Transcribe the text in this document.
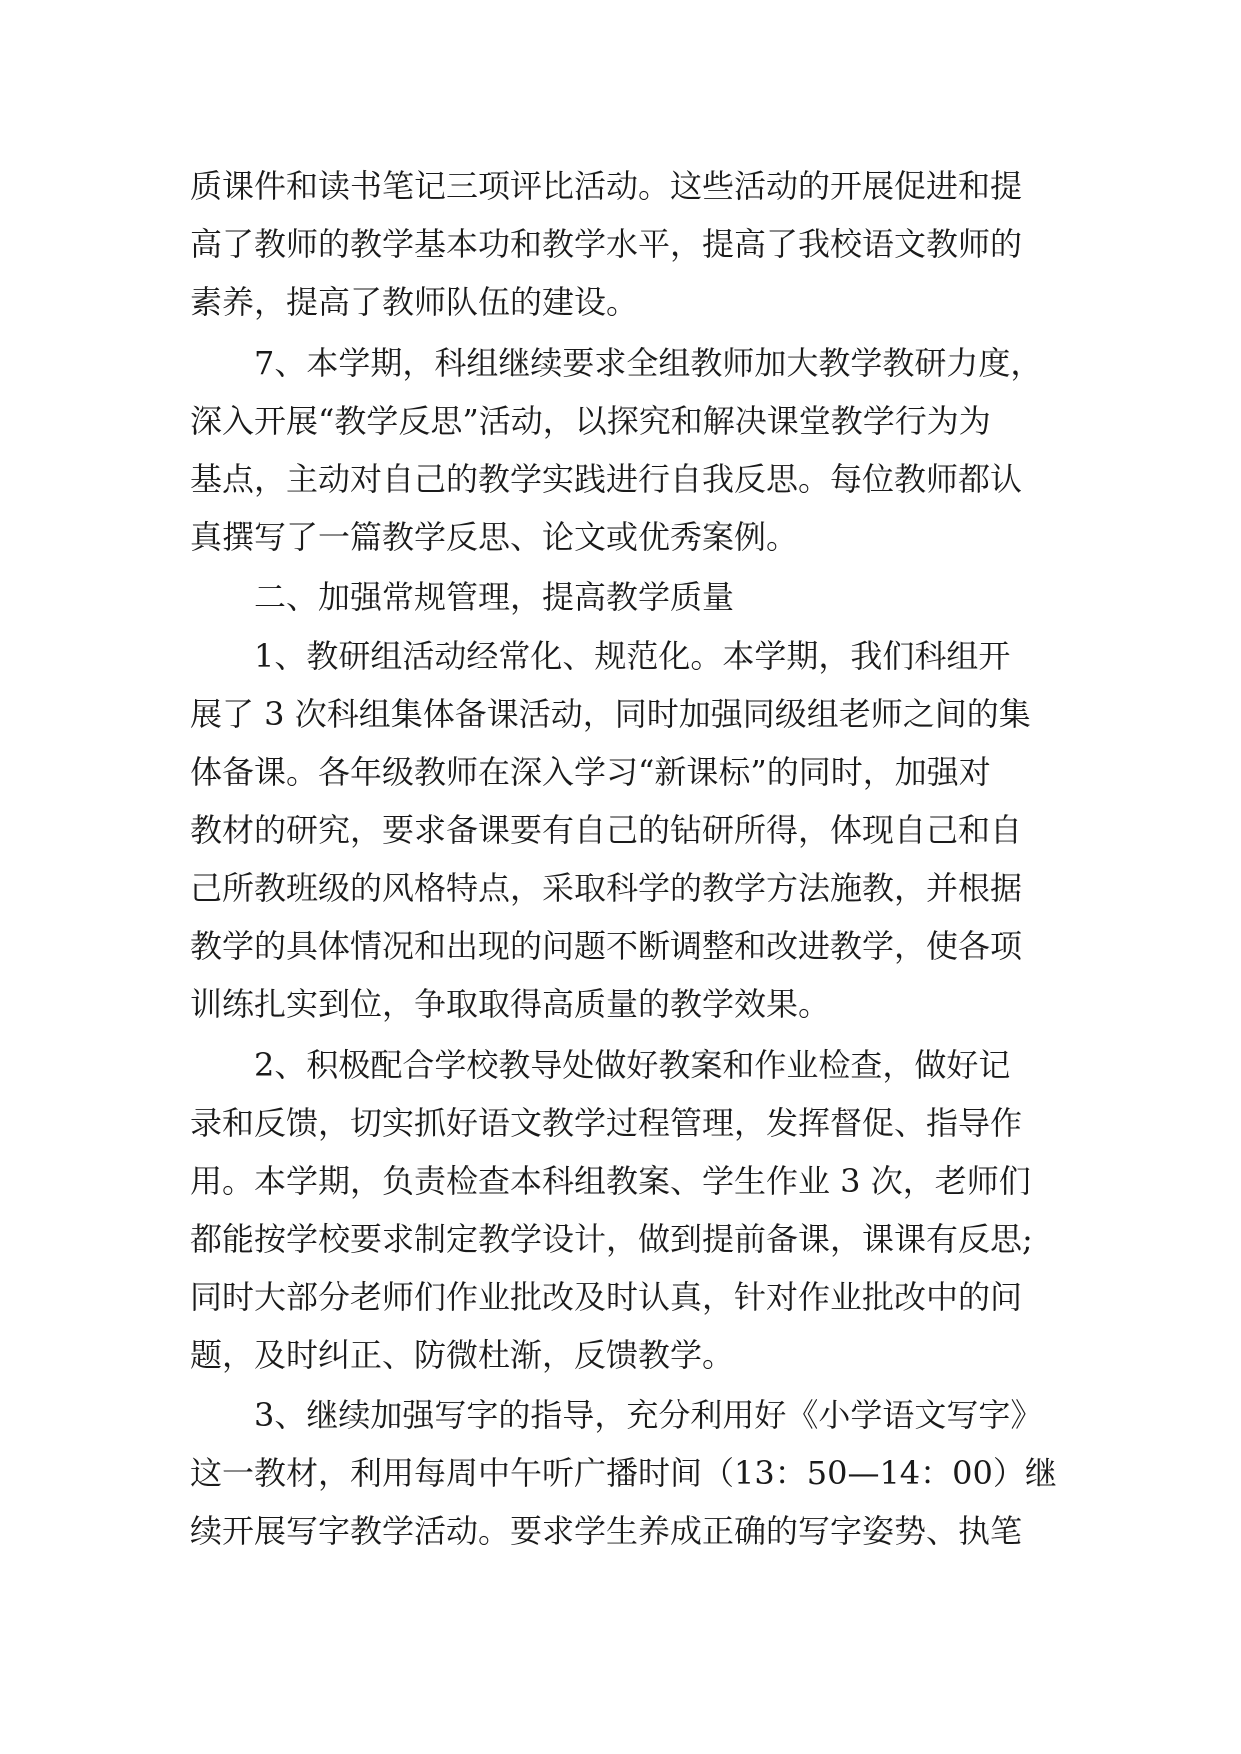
质课件和读书笔记三项评比活动。这些活动的开展促进和提
高了教师的教学基本功和教学水平，提高了我校语文教师的
素养，提高了教师队伍的建设。
7、本学期，科组继续要求全组教师加大教学教研力度，
深入开展“教学反思”活动，以探究和解决课堂教学行为为
基点，主动对自己的教学实践进行自我反思。每位教师都认
真撰写了一篇教学反思、论文或优秀案例。
二、加强常规管理，提高教学质量
1、教研组活动经常化、规范化。本学期，我们科组开
展了 3 次科组集体备课活动，同时加强同级组老师之间的集
体备课。各年级教师在深入学习“新课标”的同时，加强对
教材的研究，要求备课要有自己的钻研所得，体现自己和自
己所教班级的风格特点，采取科学的教学方法施教，并根据
教学的具体情况和出现的问题不断调整和改进教学，使各项
训练扎实到位，争取取得高质量的教学效果。
2、积极配合学校教导处做好教案和作业检查，做好记
录和反馈，切实抓好语文教学过程管理，发挥督促、指导作
用。本学期，负责检查本科组教案、学生作业 3 次，老师们
都能按学校要求制定教学设计，做到提前备课，课课有反思;
同时大部分老师们作业批改及时认真，针对作业批改中的问
题，及时纠正、防微杜渐，反馈教学。
3、继续加强写字的指导，充分利用好《小学语文写字》
这一教材，利用每周中午听广播时间（13：50—14：00）继
续开展写字教学活动。要求学生养成正确的写字姿势、执笔
